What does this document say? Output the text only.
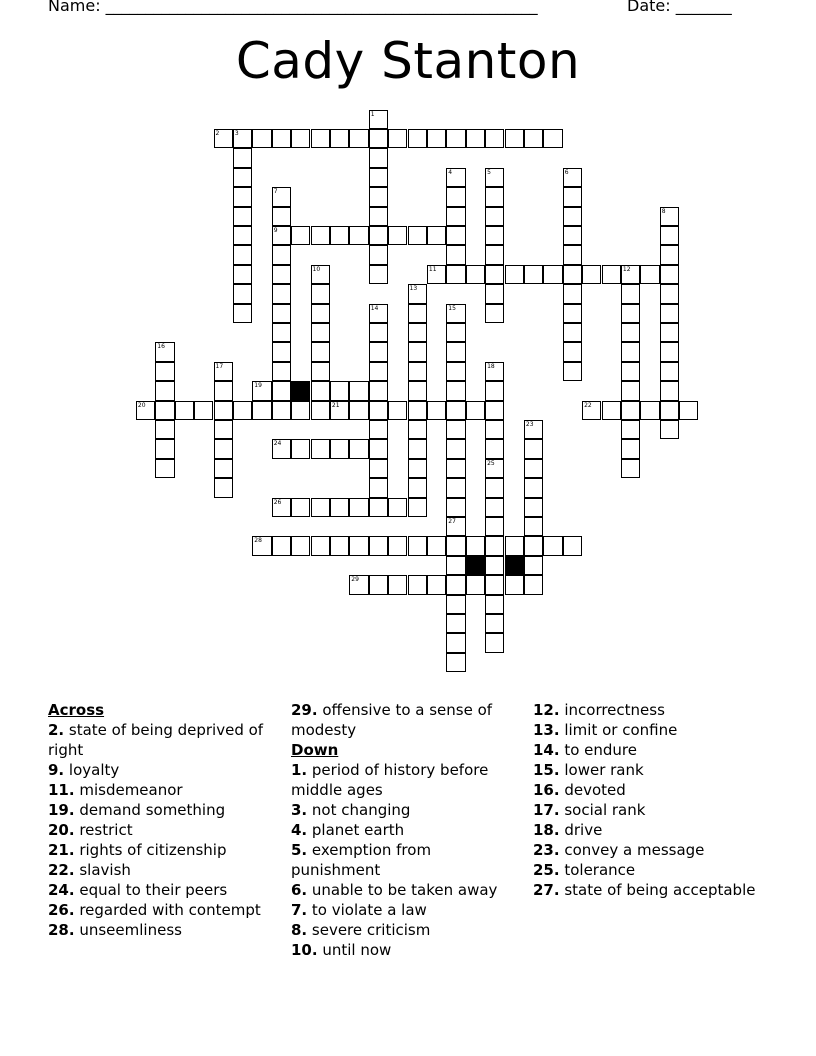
Name: ______________________________________________________	Date: _______
Cady Stanton
2	3
9
11	12
19
20	21	22
24
26
28
29
1
4	5	6
7
8
10
13
14	15
16
17	18
23
25
27
Across
2. state of being deprived of right
9. loyalty
11. misdemeanor
19. demand something
20. restrict
21. rights of citizenship
22. slavish
24. equal to their peers
26. regarded with contempt
28. unseemliness
29. offensive to a sense of modesty
Down
1. period of history before middle ages
3. not changing
4. planet earth
5. exemption from punishment
6. unable to be taken away
7. to violate a law
8. severe criticism
10. until now
12. incorrectness
13. limit or confine
14. to endure
15. lower rank
16. devoted
17. social rank
18. drive
23. convey a message
25. tolerance
27. state of being acceptable
